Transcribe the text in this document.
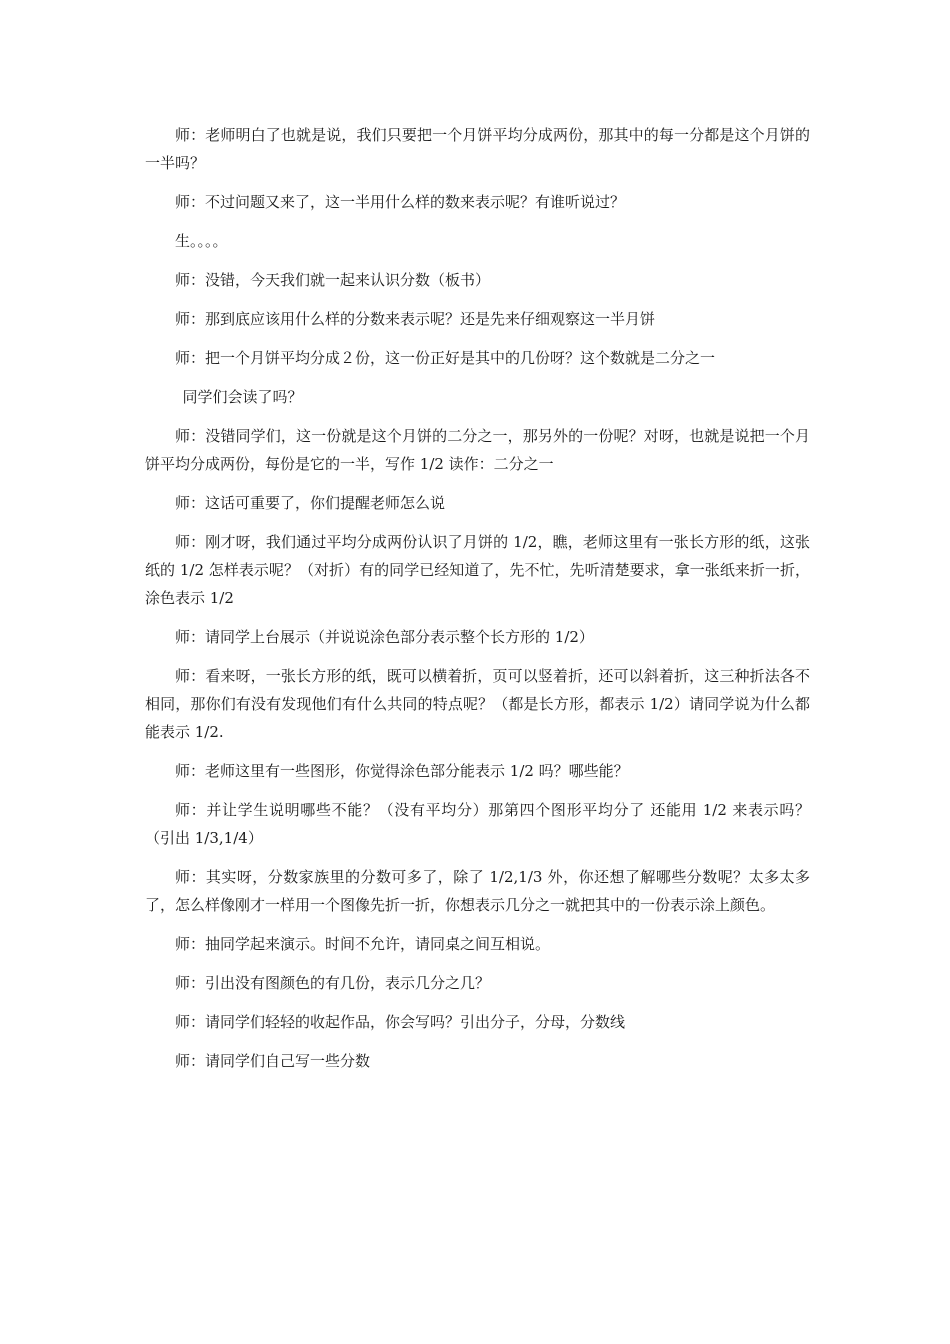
师：老师明白了也就是说，我们只要把一个月饼平均分成两份，那其中的每一分都是这个月饼的一半吗？

师：不过问题又来了，这一半用什么样的数来表示呢？有谁听说过？

生。。。。

师：没错，今天我们就一起来认识分数（板书）

师：那到底应该用什么样的分数来表示呢？还是先来仔细观察这一半月饼

师：把一个月饼平均分成２份，这一份正好是其中的几份呀？这个数就是二分之一

同学们会读了吗？

师：没错同学们，这一份就是这个月饼的二分之一，那另外的一份呢？对呀，也就是说把一个月饼平均分成两份，每份是它的一半，写作 1/2 读作：二分之一

师：这话可重要了，你们提醒老师怎么说

师：刚才呀，我们通过平均分成两份认识了月饼的 1/2，瞧，老师这里有一张长方形的纸，这张纸的 1/2 怎样表示呢？（对折）有的同学已经知道了，先不忙，先听清楚要求，拿一张纸来折一折，涂色表示 1/2

师：请同学上台展示（并说说涂色部分表示整个长方形的 1/2）

师：看来呀，一张长方形的纸，既可以横着折，页可以竖着折，还可以斜着折，这三种折法各不相同，那你们有没有发现他们有什么共同的特点呢？（都是长方形，都表示 1/2）请同学说为什么都能表示 1/2.

师：老师这里有一些图形，你觉得涂色部分能表示 1/2 吗？哪些能？

师：并让学生说明哪些不能？（没有平均分）那第四个图形平均分了 还能用 1/2 来表示吗？（引出 1/3,1/4）

师：其实呀，分数家族里的分数可多了，除了 1/2,1/3 外，你还想了解哪些分数呢？太多太多了，怎么样像刚才一样用一个图像先折一折，你想表示几分之一就把其中的一份表示涂上颜色。

师：抽同学起来演示。时间不允许，请同桌之间互相说。

师：引出没有图颜色的有几份，表示几分之几？

师：请同学们轻轻的收起作品，你会写吗？引出分子，分母，分数线

师：请同学们自己写一些分数
